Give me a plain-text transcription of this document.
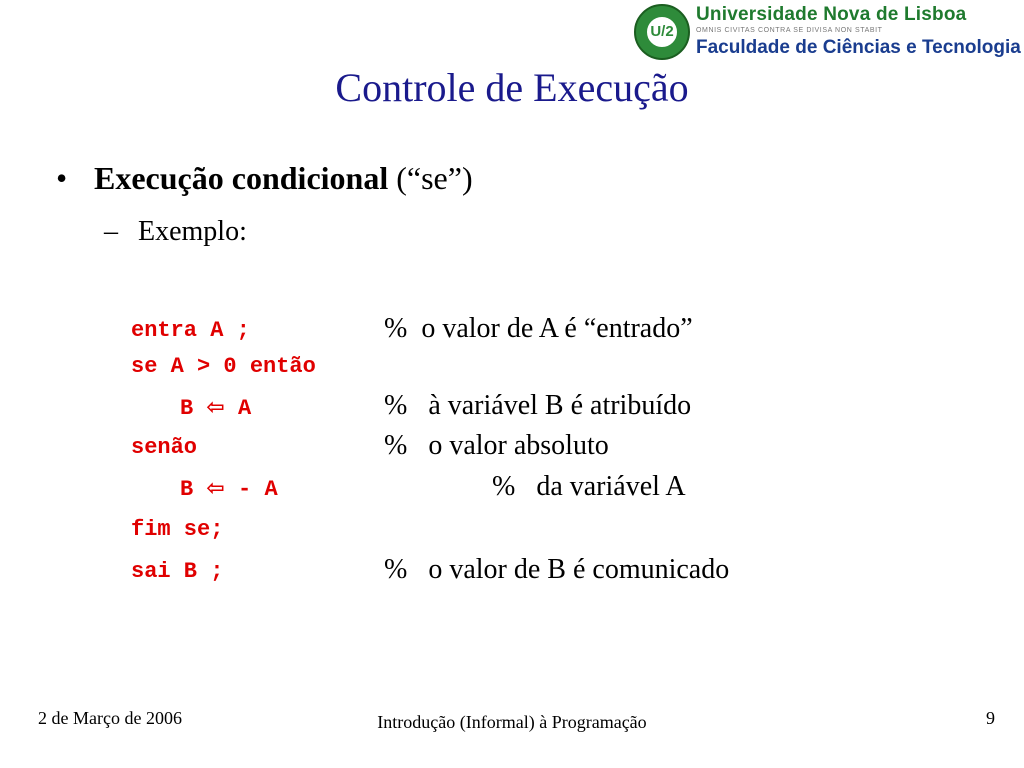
U/2
Universidade Nova de Lisboa
OMNIS CIVITAS CONTRA SE DIVISA NON STABIT
Faculdade de Ciências e Tecnologia
Controle de Execução
• Execução condicional (“se”)
– Exemplo:
entra A ;	%  o valor de A é “entrado”
se A > 0 então
B ⇦ A	%   à variável B é atribuído
senão	%   o valor absoluto
B ⇦ - A	%   da variável A
fim se;
sai B ;	%   o valor de B é comunicado
2 de Março de 2006	Introdução (Informal) à Programação	9
